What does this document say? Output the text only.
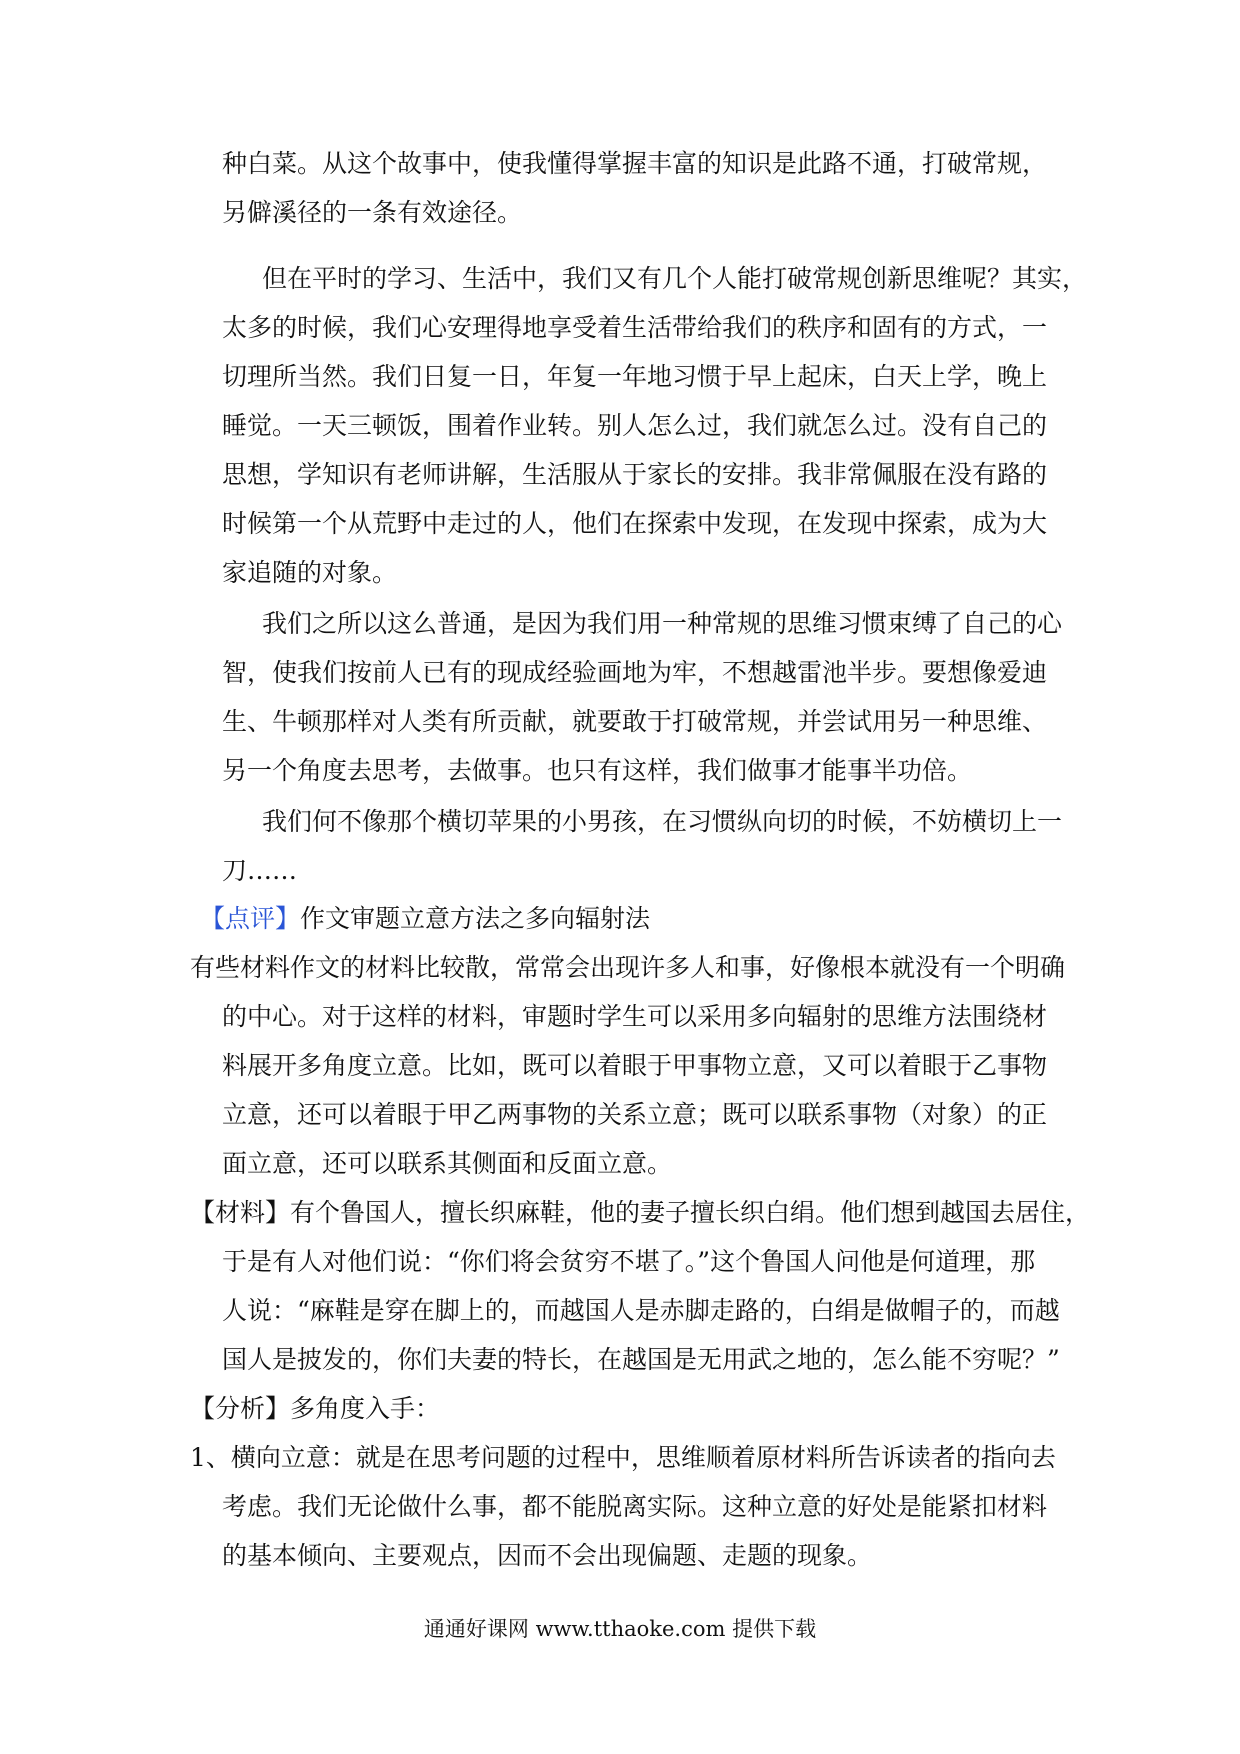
种白菜。从这个故事中，使我懂得掌握丰富的知识是此路不通，打破常规，
另僻溪径的一条有效途径。
但在平时的学习、生活中，我们又有几个人能打破常规创新思维呢？其实，
太多的时候，我们心安理得地享受着生活带给我们的秩序和固有的方式，一
切理所当然。我们日复一日，年复一年地习惯于早上起床，白天上学，晚上
睡觉。一天三顿饭，围着作业转。别人怎么过，我们就怎么过。没有自己的
思想，学知识有老师讲解，生活服从于家长的安排。我非常佩服在没有路的
时候第一个从荒野中走过的人，他们在探索中发现，在发现中探索，成为大
家追随的对象。
我们之所以这么普通，是因为我们用一种常规的思维习惯束缚了自己的心
智，使我们按前人已有的现成经验画地为牢，不想越雷池半步。要想像爱迪
生、牛顿那样对人类有所贡献，就要敢于打破常规，并尝试用另一种思维、
另一个角度去思考，去做事。也只有这样，我们做事才能事半功倍。
我们何不像那个横切苹果的小男孩，在习惯纵向切的时候，不妨横切上一
刀……
【点评】作文审题立意方法之多向辐射法
有些材料作文的材料比较散，常常会出现许多人和事，好像根本就没有一个明确
的中心。对于这样的材料，审题时学生可以采用多向辐射的思维方法围绕材
料展开多角度立意。比如，既可以着眼于甲事物立意，又可以着眼于乙事物
立意，还可以着眼于甲乙两事物的关系立意；既可以联系事物（对象）的正
面立意，还可以联系其侧面和反面立意。
【材料】有个鲁国人，擅长织麻鞋，他的妻子擅长织白绢。他们想到越国去居住，
于是有人对他们说：“你们将会贫穷不堪了。”这个鲁国人问他是何道理，那
人说：“麻鞋是穿在脚上的，而越国人是赤脚走路的，白绢是做帽子的，而越
国人是披发的，你们夫妻的特长，在越国是无用武之地的，怎么能不穷呢？”
【分析】多角度入手：
1、横向立意：就是在思考问题的过程中，思维顺着原材料所告诉读者的指向去
考虑。我们无论做什么事，都不能脱离实际。这种立意的好处是能紧扣材料
的基本倾向、主要观点，因而不会出现偏题、走题的现象。
通通好课网 www.tthaoke.com 提供下载
